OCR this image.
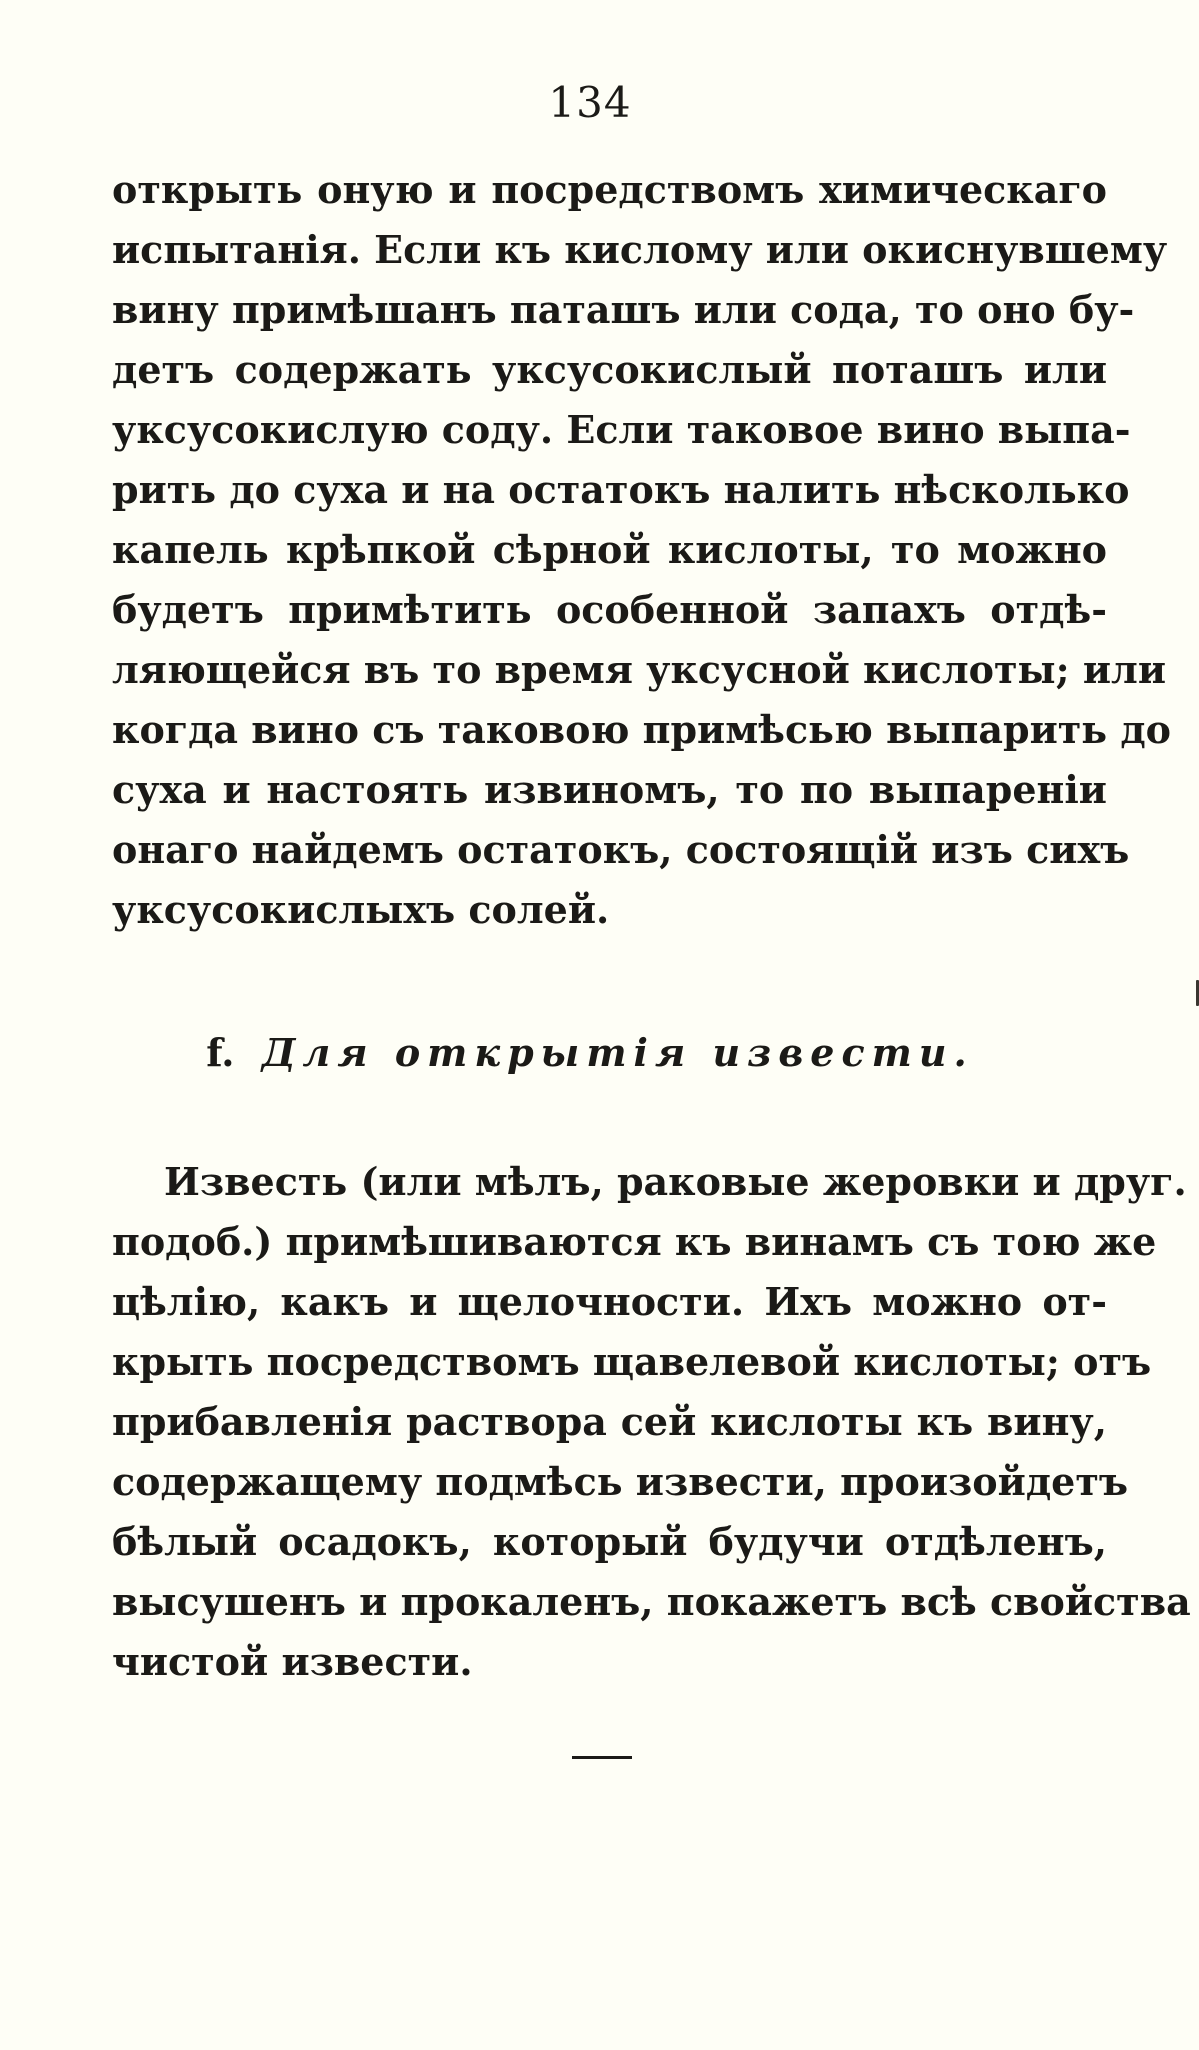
134
открыть оную и посредствомъ химическаго
испытанія. Если къ кислому или окиснувшему
вину примѣшанъ паташъ или сода, то оно бу-
детъ содержать уксусокислый поташъ или
уксусокислую соду. Если таковое вино выпа-
рить до суха и на остатокъ налить нѣсколько
капель крѣпкой сѣрной кислоты, то можно
будетъ примѣтить особенной запахъ отдѣ-
ляющейся въ то время уксусной кислоты; или
когда вино съ таковою примѣсью выпарить до
суха и настоять извиномъ, то по выпареніи
онаго найдемъ остатокъ, состоящій изъ сихъ
уксусокислыхъ солей.
f. Для открытія извести.
Известь (или мѣлъ, раковые жеровки и друг.
подоб.) примѣшиваются къ винамъ съ тою же
цѣлію, какъ и щелочности. Ихъ можно от-
крыть посредствомъ щавелевой кислоты; отъ
прибавленія раствора сей кислоты къ вину,
содержащему подмѣсь извести, произойдетъ
бѣлый осадокъ, который будучи отдѣленъ,
высушенъ и прокаленъ, покажетъ всѣ свойства
чистой извести.
